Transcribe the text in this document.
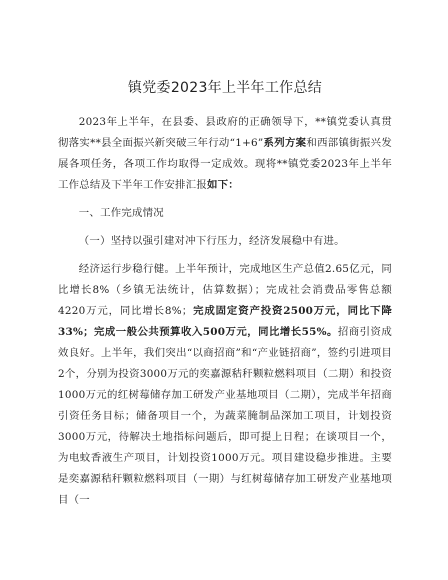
镇党委2023年上半年工作总结

2023年上半年，在县委、县政府的正确领导下，**镇党委认真贯彻落实**县全面振兴新突破三年行动“1+6”系列方案和西部镇街振兴发展各项任务，各项工作均取得一定成效。现将**镇党委2023年上半年工作总结及下半年工作安排汇报如下：

一、工作完成情况

（一）坚持以强引建对冲下行压力，经济发展稳中有进。

经济运行步稳行健。上半年预计，完成地区生产总值2.65亿元，同比增长8%（乡镇无法统计，估算数据）；完成社会消费品零售总额4220万元，同比增长8%；完成固定资产投资2500万元，同比下降33%；完成一般公共预算收入500万元，同比增长55%。招商引资成效良好。上半年，我们突出“以商招商”和“产业链招商”，签约引进项目2个，分别为投资3000万元的奕嘉源秸秆颗粒燃料项目（二期）和投资1000万元的红树莓储存加工研发产业基地项目（二期），完成半年招商引资任务目标；储备项目一个，为蔬菜腌制品深加工项目，计划投资3000万元，待解决土地指标问题后，即可提上日程；在谈项目一个，为电蚊香液生产项目，计划投资1000万元。项目建设稳步推进。主要是奕嘉源秸秆颗粒燃料项目（一期）与红树莓储存加工研发产业基地项目（一
